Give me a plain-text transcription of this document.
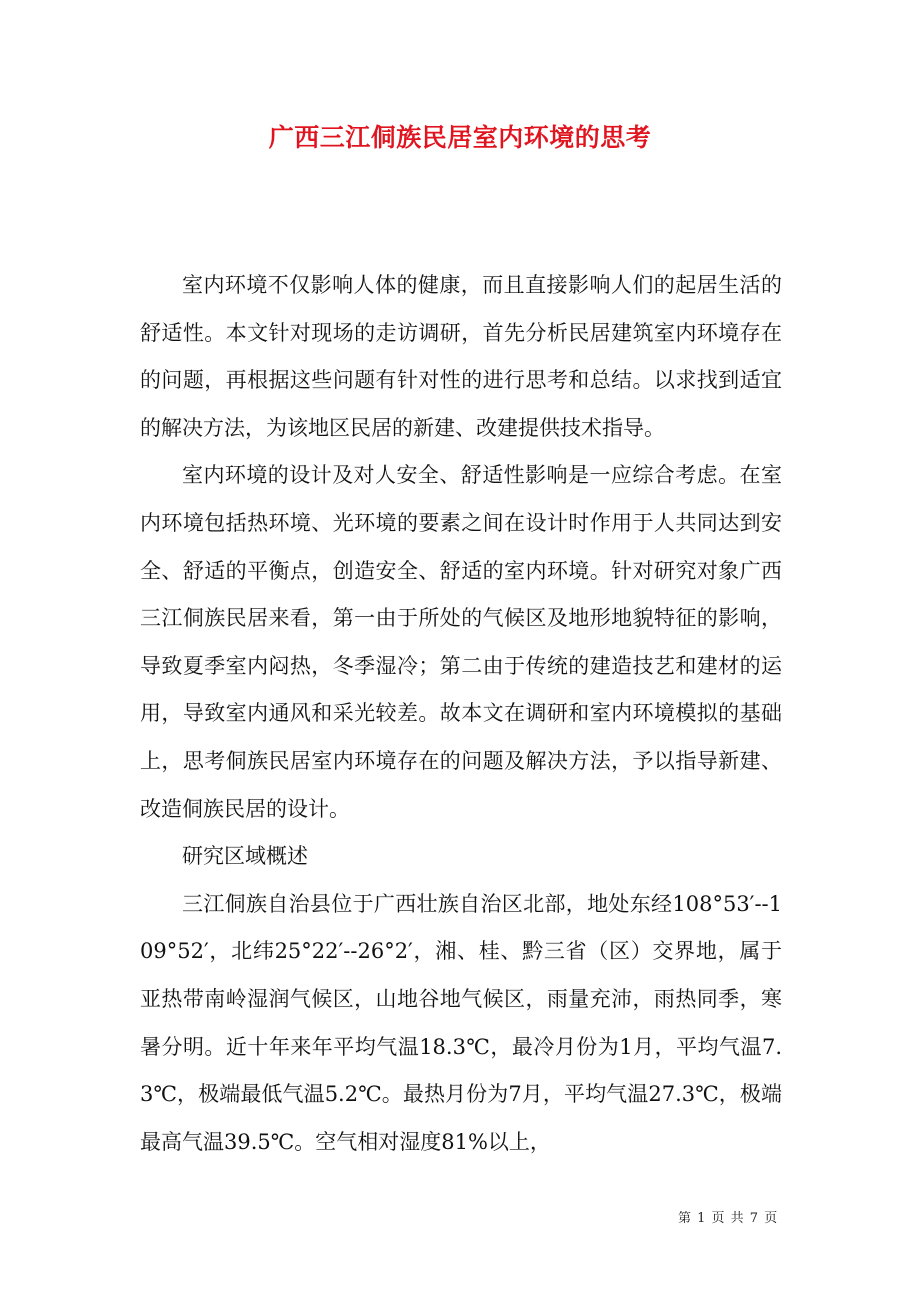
广西三江侗族民居室内环境的思考

室内环境不仅影响人体的健康，而且直接影响人们的起居生活的舒适性。本文针对现场的走访调研，首先分析民居建筑室内环境存在的问题，再根据这些问题有针对性的进行思考和总结。以求找到适宜的解决方法，为该地区民居的新建、改建提供技术指导。

室内环境的设计及对人安全、舒适性影响是一应综合考虑。在室内环境包括热环境、光环境的要素之间在设计时作用于人共同达到安全、舒适的平衡点，创造安全、舒适的室内环境。针对研究对象广西三江侗族民居来看，第一由于所处的气候区及地形地貌特征的影响，导致夏季室内闷热，冬季湿冷；第二由于传统的建造技艺和建材的运用，导致室内通风和采光较差。故本文在调研和室内环境模拟的基础上，思考侗族民居室内环境存在的问题及解决方法，予以指导新建、改造侗族民居的设计。

研究区域概述

三江侗族自治县位于广西壮族自治区北部，地处东经108°53′--109°52′，北纬25°22′--26°2′，湘、桂、黔三省（区）交界地，属于亚热带南岭湿润气候区，山地谷地气候区，雨量充沛，雨热同季，寒暑分明。近十年来年平均气温18.3℃，最冷月份为1月，平均气温7.3℃，极端最低气温5.2℃。最热月份为7月，平均气温27.3℃，极端最高气温39.5℃。空气相对湿度81%以上，

第 1 页 共 7 页
